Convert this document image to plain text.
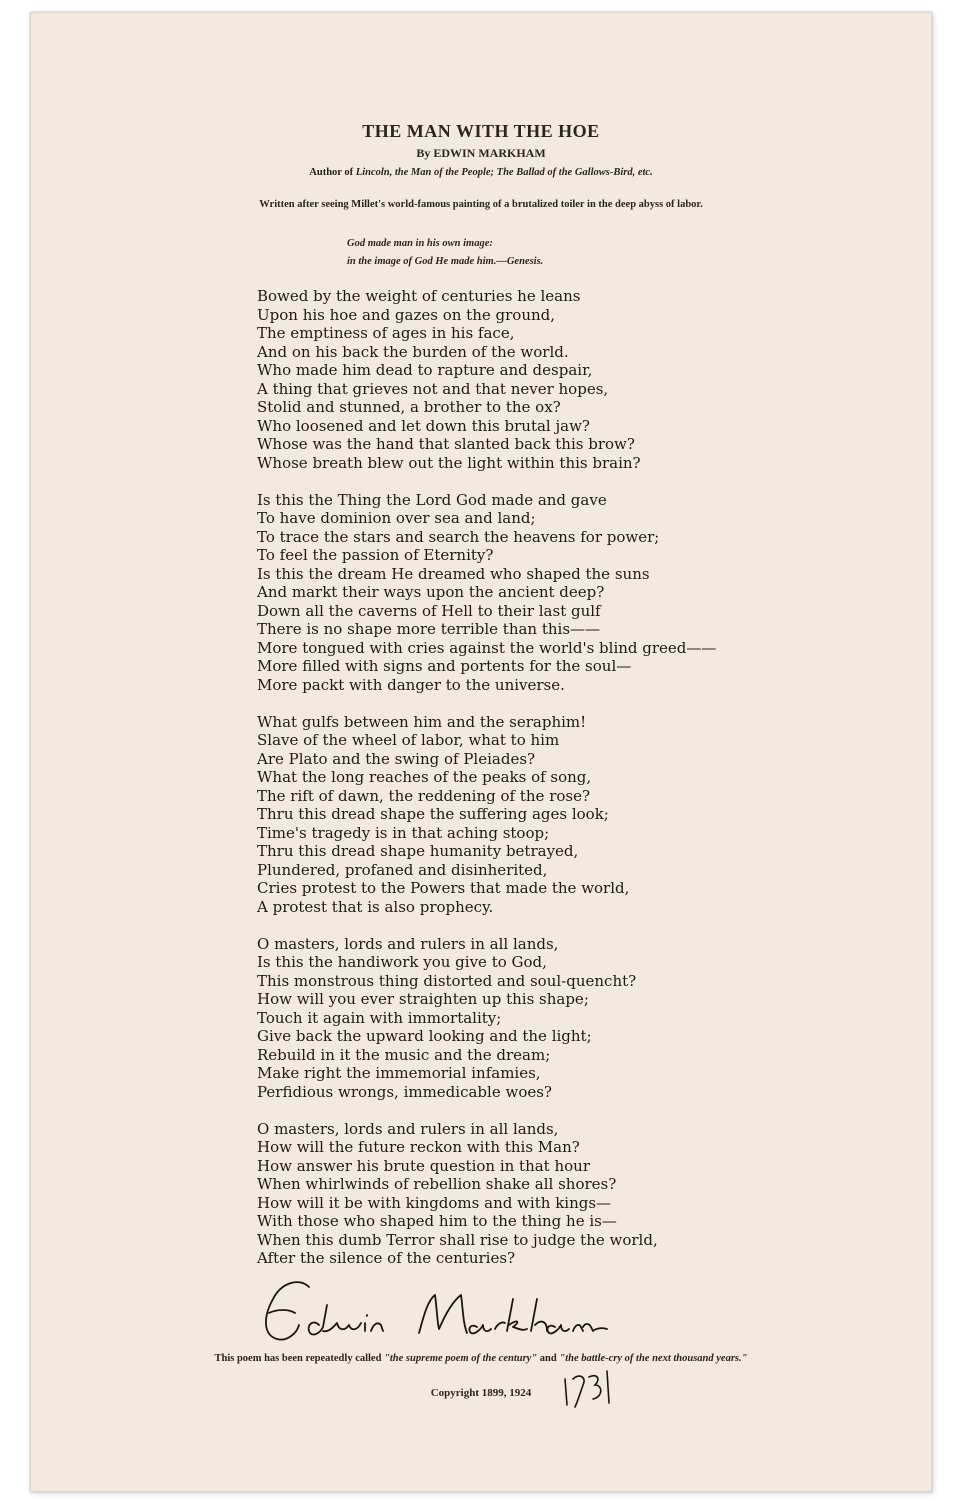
THE MAN WITH THE HOE
By EDWIN MARKHAM
Author of Lincoln, the Man of the People; The Ballad of the Gallows-Bird, etc.
Written after seeing Millet's world-famous painting of a brutalized toiler in the deep abyss of labor.
God made man in his own image:
in the image of God He made him.—Genesis.
Bowed by the weight of centuries he leans
Upon his hoe and gazes on the ground,
The emptiness of ages in his face,
And on his back the burden of the world.
Who made him dead to rapture and despair,
A thing that grieves not and that never hopes,
Stolid and stunned, a brother to the ox?
Who loosened and let down this brutal jaw?
Whose was the hand that slanted back this brow?
Whose breath blew out the light within this brain?
Is this the Thing the Lord God made and gave
To have dominion over sea and land;
To trace the stars and search the heavens for power;
To feel the passion of Eternity?
Is this the dream He dreamed who shaped the suns
And markt their ways upon the ancient deep?
Down all the caverns of Hell to their last gulf
There is no shape more terrible than this——
More tongued with cries against the world's blind greed——
More filled with signs and portents for the soul—
More packt with danger to the universe.
What gulfs between him and the seraphim!
Slave of the wheel of labor, what to him
Are Plato and the swing of Pleiades?
What the long reaches of the peaks of song,
The rift of dawn, the reddening of the rose?
Thru this dread shape the suffering ages look;
Time's tragedy is in that aching stoop;
Thru this dread shape humanity betrayed,
Plundered, profaned and disinherited,
Cries protest to the Powers that made the world,
A protest that is also prophecy.
O masters, lords and rulers in all lands,
Is this the handiwork you give to God,
This monstrous thing distorted and soul-quencht?
How will you ever straighten up this shape;
Touch it again with immortality;
Give back the upward looking and the light;
Rebuild in it the music and the dream;
Make right the immemorial infamies,
Perfidious wrongs, immedicable woes?
O masters, lords and rulers in all lands,
How will the future reckon with this Man?
How answer his brute question in that hour
When whirlwinds of rebellion shake all shores?
How will it be with kingdoms and with kings—
With those who shaped him to the thing he is—
When this dumb Terror shall rise to judge the world,
After the silence of the centuries?
This poem has been repeatedly called "the supreme poem of the century" and "the battle-cry of the next thousand years."
Copyright 1899, 1924
